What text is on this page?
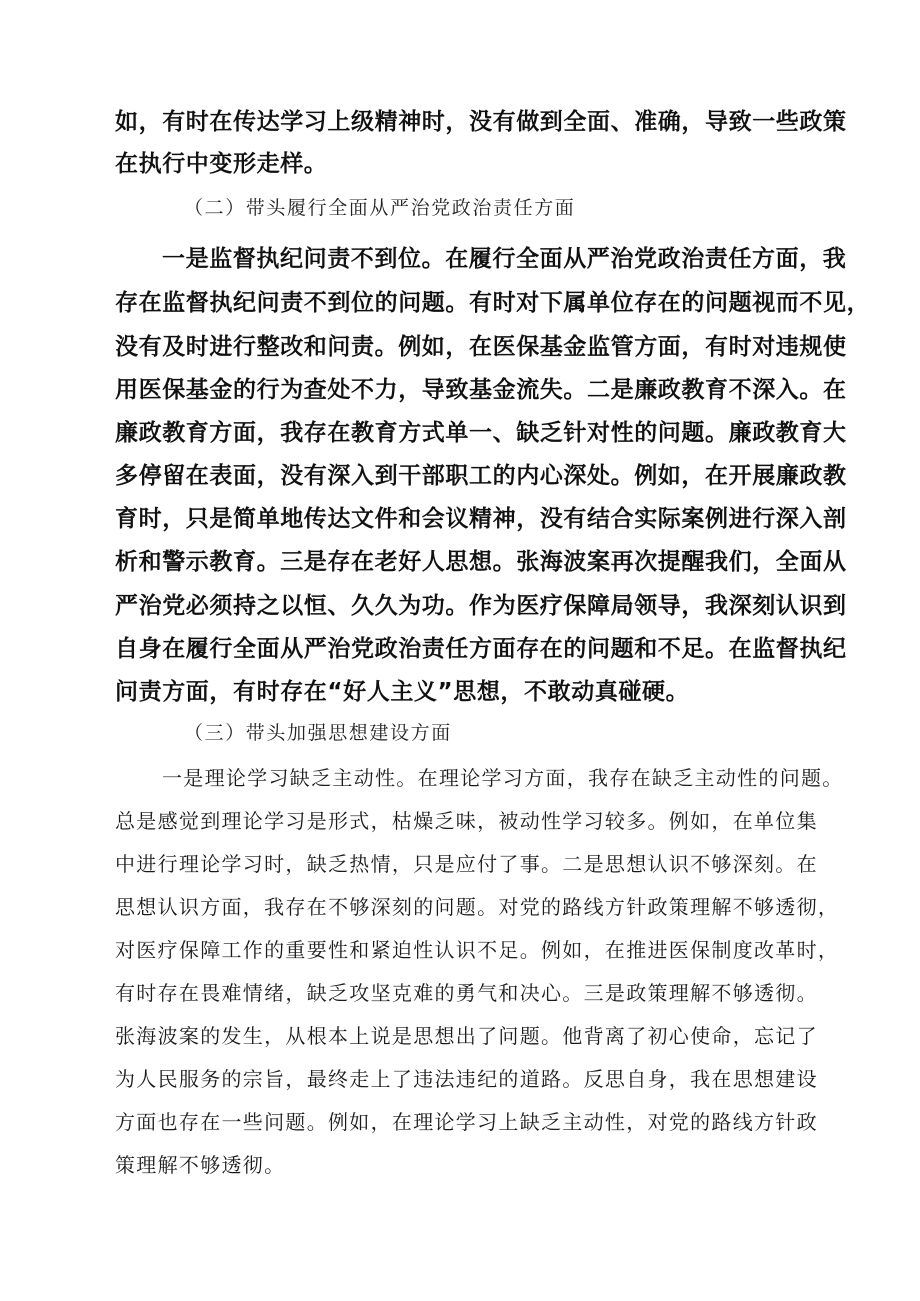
如，有时在传达学习上级精神时，没有做到全面、准确，导致一些政策
在执行中变形走样。
（二）带头履行全面从严治党政治责任方面
一是监督执纪问责不到位。在履行全面从严治党政治责任方面，我
存在监督执纪问责不到位的问题。有时对下属单位存在的问题视而不见，
没有及时进行整改和问责。例如，在医保基金监管方面，有时对违规使
用医保基金的行为查处不力，导致基金流失。二是廉政教育不深入。在
廉政教育方面，我存在教育方式单一、缺乏针对性的问题。廉政教育大
多停留在表面，没有深入到干部职工的内心深处。例如，在开展廉政教
育时，只是简单地传达文件和会议精神，没有结合实际案例进行深入剖
析和警示教育。三是存在老好人思想。张海波案再次提醒我们，全面从
严治党必须持之以恒、久久为功。作为医疗保障局领导，我深刻认识到
自身在履行全面从严治党政治责任方面存在的问题和不足。在监督执纪
问责方面，有时存在“好人主义”思想，不敢动真碰硬。
（三）带头加强思想建设方面
一是理论学习缺乏主动性。在理论学习方面，我存在缺乏主动性的问题。
总是感觉到理论学习是形式，枯燥乏味，被动性学习较多。例如，在单位集
中进行理论学习时，缺乏热情，只是应付了事。二是思想认识不够深刻。在
思想认识方面，我存在不够深刻的问题。对党的路线方针政策理解不够透彻，
对医疗保障工作的重要性和紧迫性认识不足。例如，在推进医保制度改革时，
有时存在畏难情绪，缺乏攻坚克难的勇气和决心。三是政策理解不够透彻。
张海波案的发生，从根本上说是思想出了问题。他背离了初心使命，忘记了
为人民服务的宗旨，最终走上了违法违纪的道路。反思自身，我在思想建设
方面也存在一些问题。例如，在理论学习上缺乏主动性，对党的路线方针政
策理解不够透彻。
